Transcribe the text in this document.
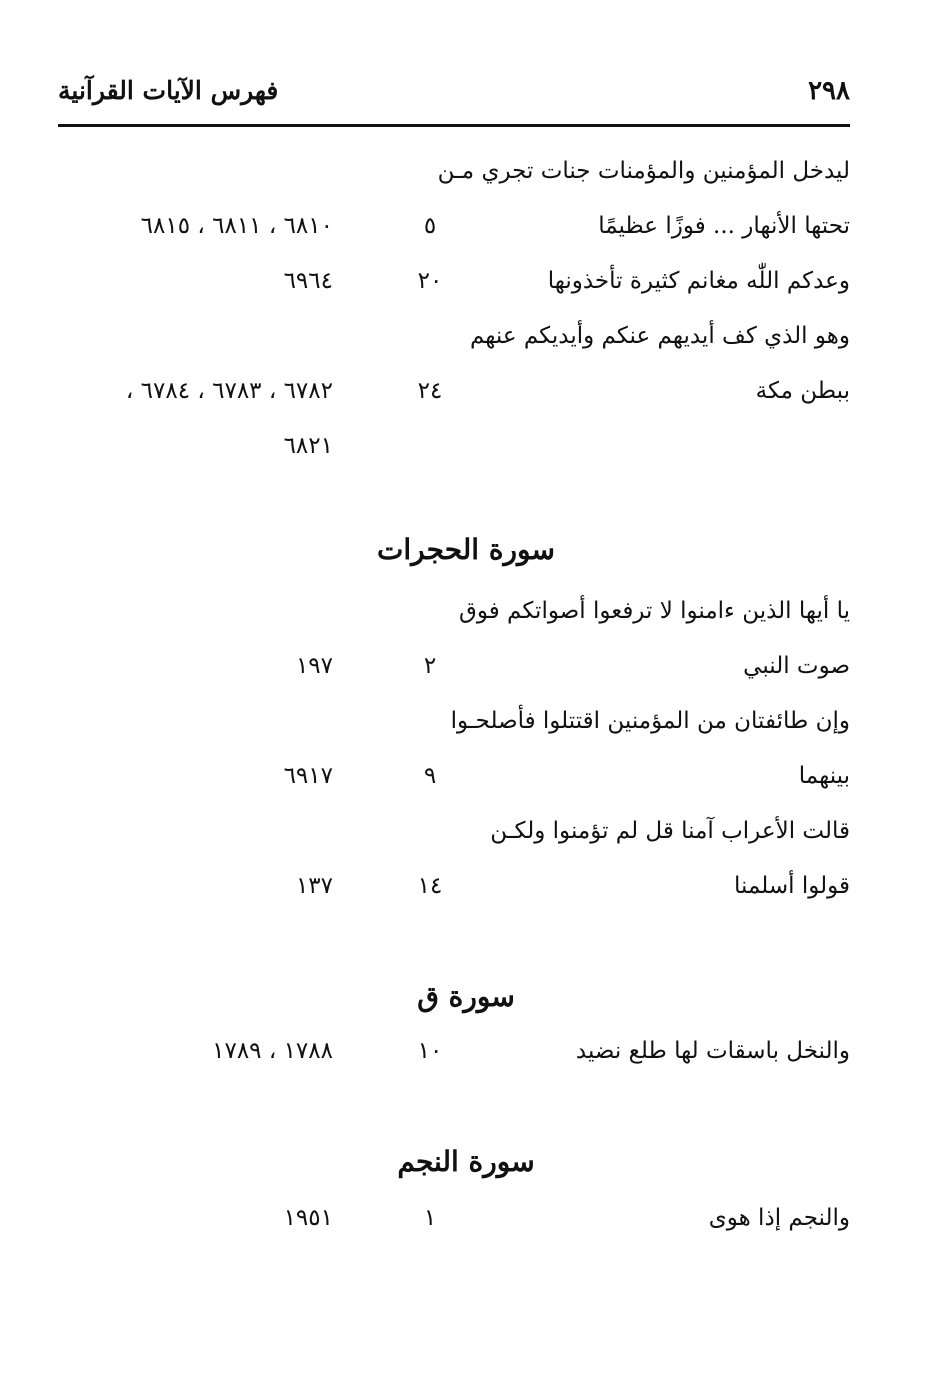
٢٩٨
فهرس الآيات القرآنية
ليدخل المؤمنين والمؤمنات جنات تجري مـن
تحتها الأنهار ... فوزًا عظيمًا
٥
٦٨١٠ ، ٦٨١١ ، ٦٨١٥
وعدكم اللّٰه مغانم كثيرة تأخذونها
٢٠
٦٩٦٤
وهو الذي كف أيديهم عنكم وأيديكم عنهم
ببطن مكة
٢٤
٦٧٨٢ ، ٦٧٨٣ ، ٦٧٨٤ ،
٦٨٢١
سورة الحجرات
يا أيها الذين ءامنوا لا ترفعوا أصواتكم فوق
صوت النبي
٢
١٩٧
وإن طائفتان من المؤمنين اقتتلوا فأصلحـوا
بينهما
٩
٦٩١٧
قالت الأعراب آمنا قل لم تؤمنوا ولكـن
قولوا أسلمنا
١٤
١٣٧
سورة ق
والنخل باسقات لها طلع نضيد
١٠
١٧٨٨ ، ١٧٨٩
سورة النجم
والنجم إذا هوى
١
١٩٥١
